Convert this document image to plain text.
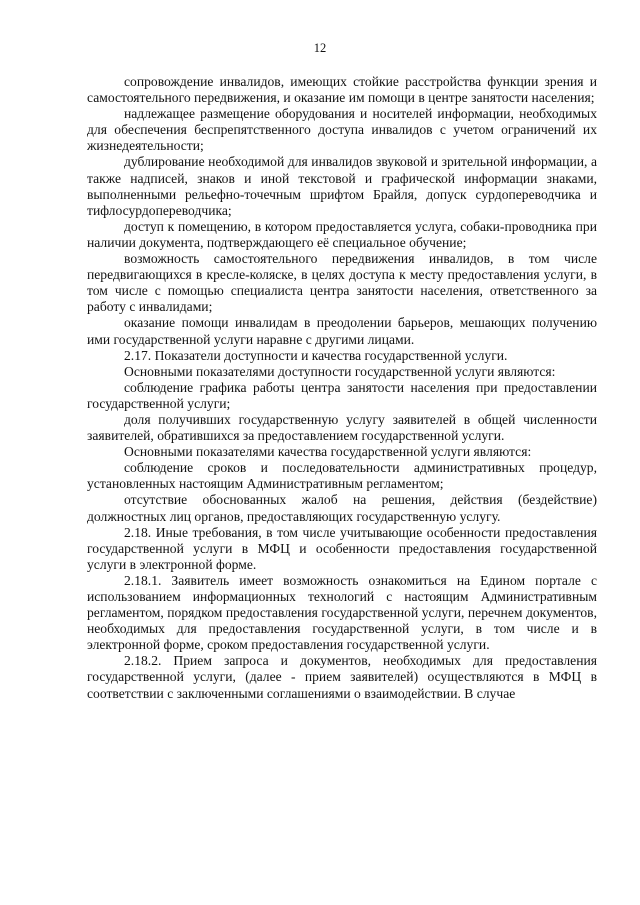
12

сопровождение инвалидов, имеющих стойкие расстройства функции зрения и самостоятельного передвижения, и оказание им помощи в центре занятости населения;

надлежащее размещение оборудования и носителей информации, необходимых для обеспечения беспрепятственного доступа инвалидов с учетом ограничений их жизнедеятельности;

дублирование необходимой для инвалидов звуковой и зрительной информации, а также надписей, знаков и иной текстовой и графической информации знаками, выполненными рельефно-точечным шрифтом Брайля, допуск сурдопереводчика и тифлосурдопереводчика;

доступ к помещению, в котором предоставляется услуга, собаки-проводника при наличии документа, подтверждающего её специальное обучение;

возможность самостоятельного передвижения инвалидов, в том числе передвигающихся в кресле-коляске, в целях доступа к месту предоставления услуги, в том числе с помощью специалиста центра занятости населения, ответственного за работу с инвалидами;

оказание помощи инвалидам в преодолении барьеров, мешающих получению ими государственной услуги наравне с другими лицами.

2.17. Показатели доступности и качества государственной услуги.

Основными показателями доступности государственной услуги являются:

соблюдение графика работы центра занятости населения при предоставлении государственной услуги;

доля получивших государственную услугу заявителей в общей численности заявителей, обратившихся за предоставлением государственной услуги.

Основными показателями качества государственной услуги являются:

соблюдение сроков и последовательности административных процедур, установленных настоящим Административным регламентом;

отсутствие обоснованных жалоб на решения, действия (бездействие) должностных лиц органов, предоставляющих государственную услугу.

2.18. Иные требования, в том числе учитывающие особенности предоставления государственной услуги в МФЦ и особенности предоставления государственной услуги в электронной форме.

2.18.1. Заявитель имеет возможность ознакомиться на Едином портале с использованием информационных технологий с настоящим Административным регламентом, порядком предоставления государственной услуги, перечнем документов, необходимых для предоставления государственной услуги, в том числе и в электронной форме, сроком предоставления государственной услуги.

2.18.2. Прием запроса и документов, необходимых для предоставления государственной услуги, (далее - прием заявителей) осуществляются в МФЦ в соответствии с заключенными соглашениями о взаимодействии. В случае
